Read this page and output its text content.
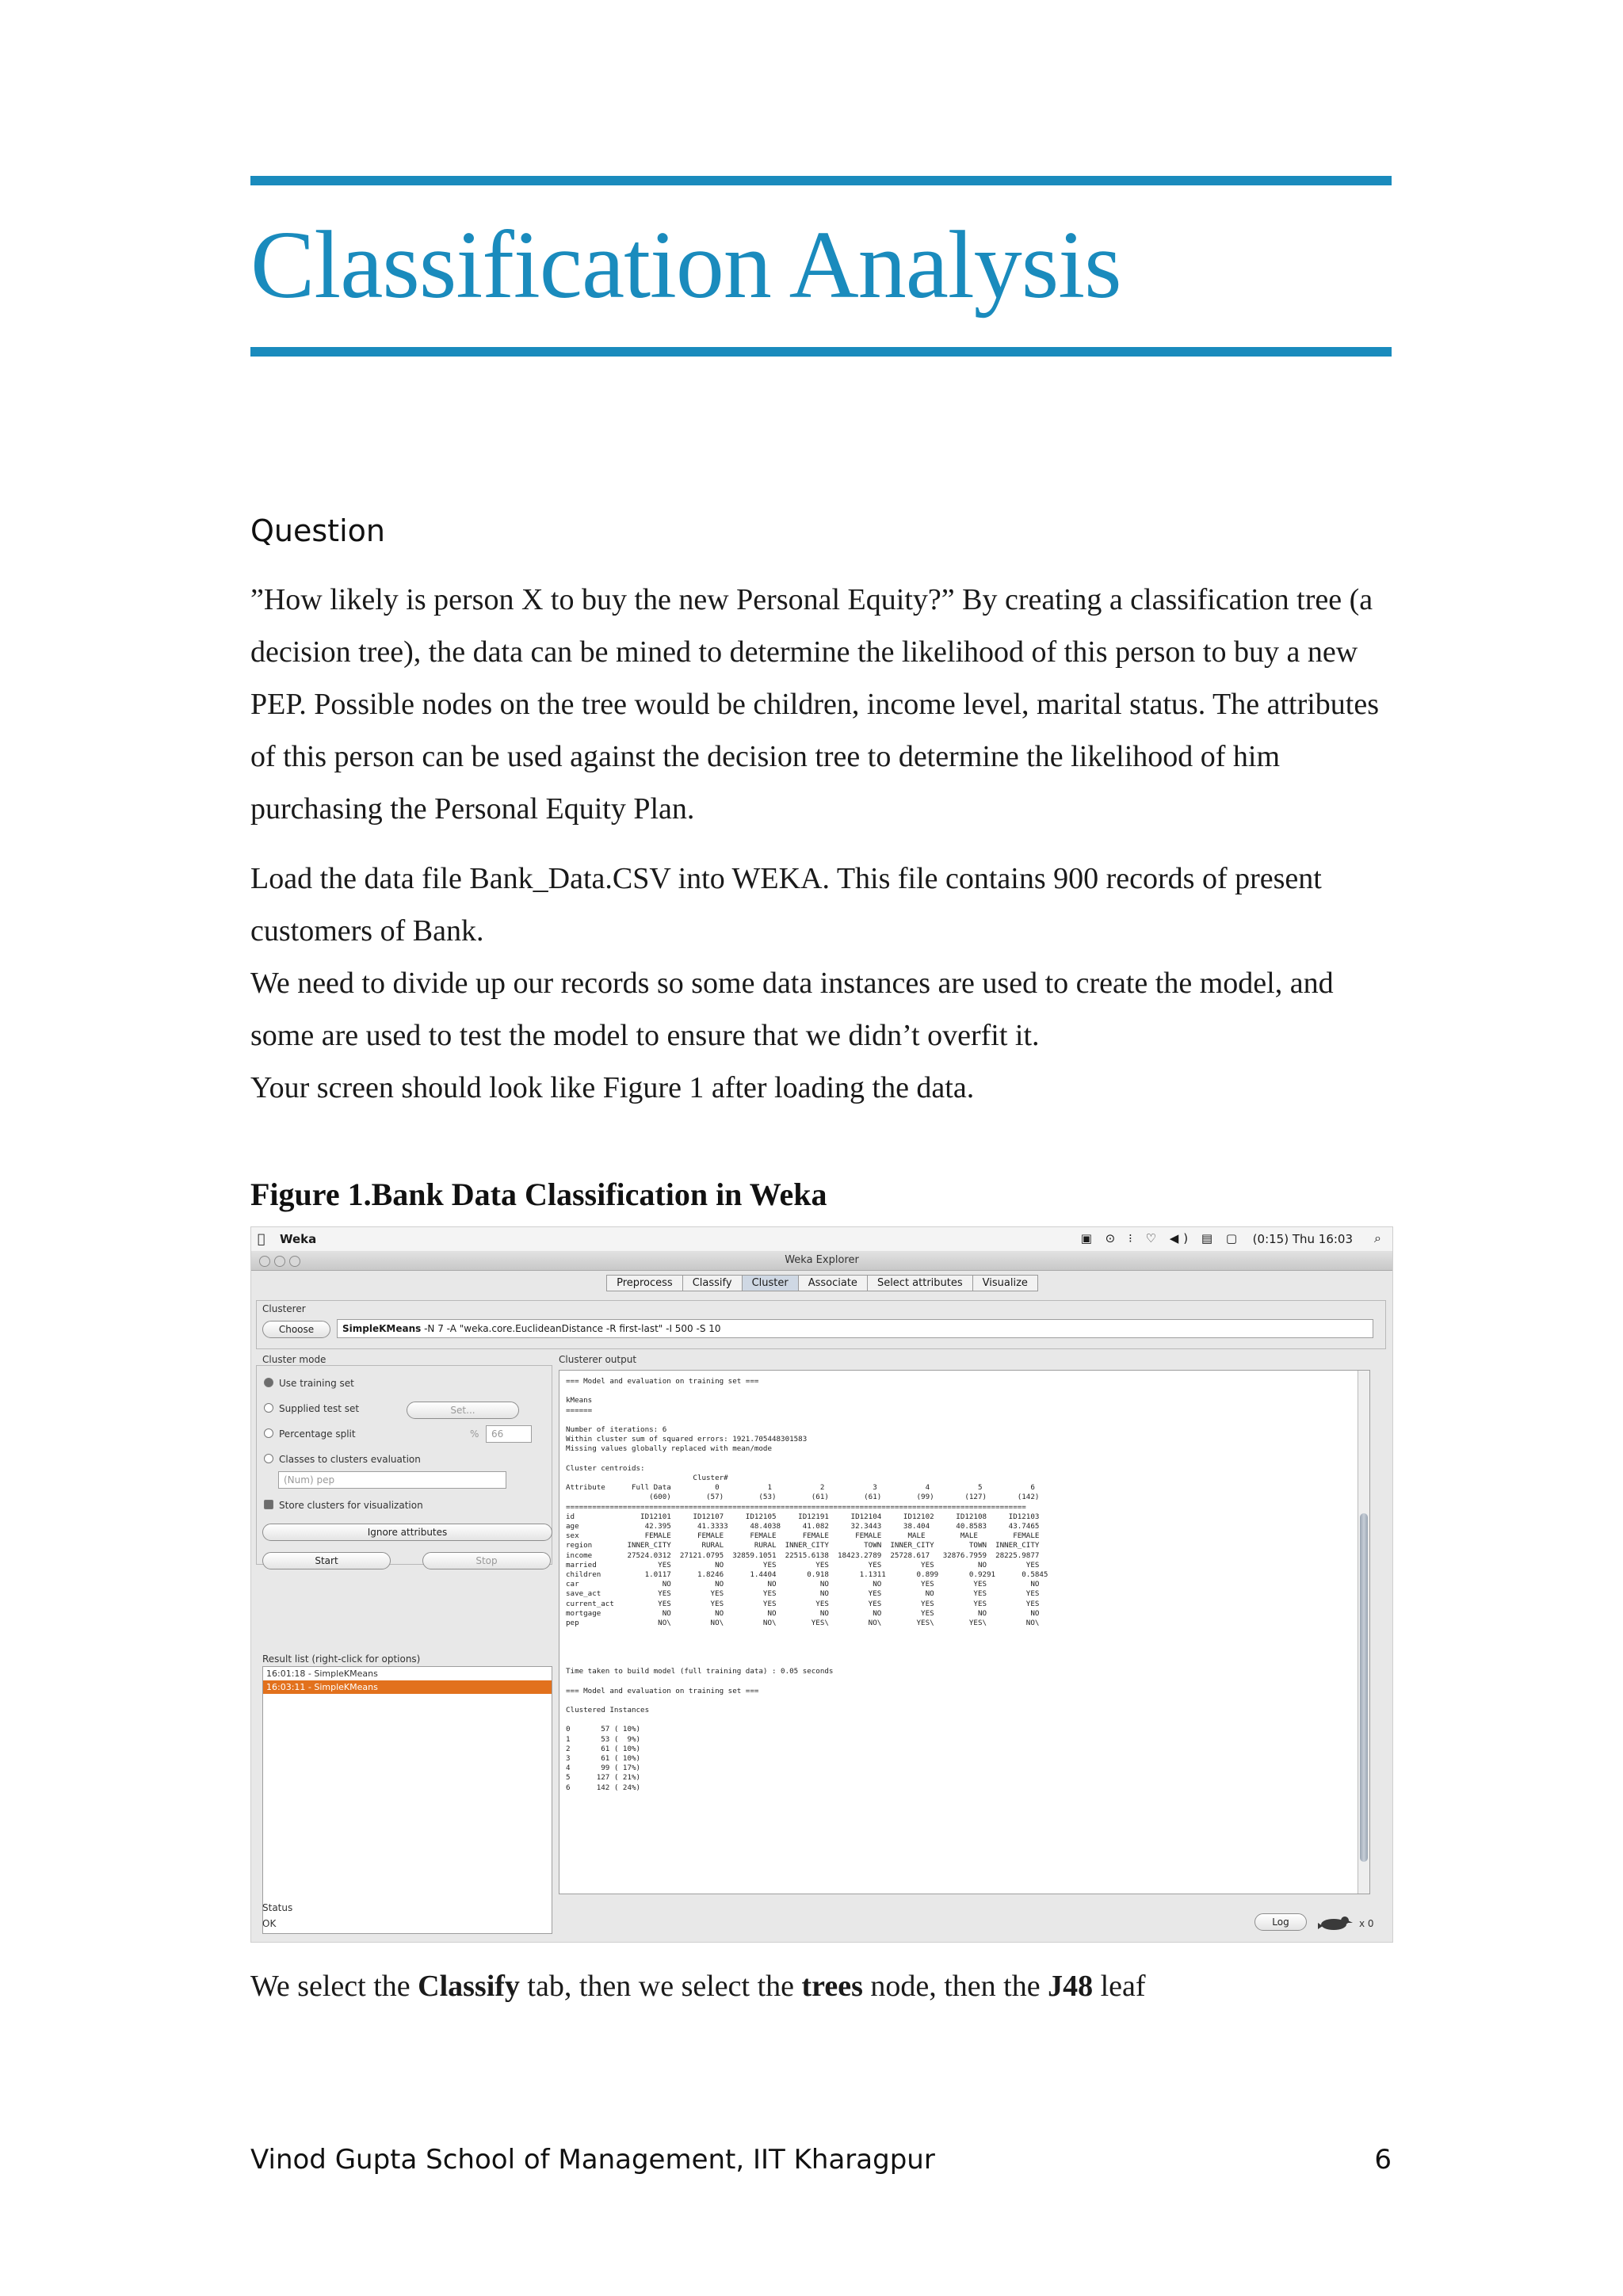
Classification Analysis
Question
”How likely is person X to buy the new Personal Equity?” By creating a classification tree (a decision tree), the data can be mined to determine the likelihood of this person to buy a new PEP. Possible nodes on the tree would be children, income level, marital status. The attributes of this person can be used against the decision tree to determine the likelihood of him purchasing the Personal Equity Plan.
Load the data file Bank_Data.CSV into WEKA. This file contains 900 records of present customers of Bank.
We need to divide up our records so some data instances are used to create the model, and some are used to test the model to ensure that we didn’t overfit it.
Your screen should look like Figure 1 after loading the data.
Figure 1.Bank Data Classification in Weka
Weka	▣ ⊙ ⁝ ♡ ◀) ▤ ▢ (0:15) Thu 16:03 ⌕
Weka Explorer
Preprocess Classify Cluster Associate Select attributes Visualize
Clusterer
Choose	SimpleKMeans -N 7 -A "weka.core.EuclideanDistance -R first-last" -I 500 -S 10
Cluster mode
Use training set
Supplied test set	Set...
Percentage split	%	66
Classes to clusters evaluation
(Num) pep
Store clusters for visualization
Ignore attributes
Start	Stop
Result list (right-click for options)
16:01:18 - SimpleKMeans
16:03:11 - SimpleKMeans
Clusterer output
=== Model and evaluation on training set ===

kMeans
======

Number of iterations: 6
Within cluster sum of squared errors: 1921.705448301583
Missing values globally replaced with mean/mode

Cluster centroids:
Cluster#
Attribute      Full Data          0           1           2           3           4           5           6
(600)        (57)        (53)        (61)        (61)        (99)       (127)       (142)
=========================================================================================================
id               ID12101     ID12107     ID12105     ID12191     ID12104     ID12102     ID12108     ID12103
age               42.395      41.3333     48.4038     41.082     32.3443     38.404      40.8583     43.7465
sex               FEMALE      FEMALE      FEMALE      FEMALE      FEMALE      MALE        MALE        FEMALE
region        INNER_CITY       RURAL       RURAL  INNER_CITY        TOWN  INNER_CITY        TOWN  INNER_CITY
income        27524.0312  27121.0795  32859.1051  22515.6138  18423.2789  25728.617   32876.7959  28225.9877
married              YES          NO         YES         YES         YES         YES          NO         YES
children          1.0117      1.8246      1.4404       0.918       1.1311       0.899       0.9291      0.5845
car                   NO          NO          NO          NO          NO         YES         YES          NO
save_act             YES         YES         YES          NO         YES          NO         YES         YES
current_act          YES         YES         YES         YES         YES         YES         YES         YES
mortgage              NO          NO          NO          NO          NO         YES          NO          NO
pep                  NO\         NO\         NO\        YES\         NO\        YES\        YES\         NO\

Time taken to build model (full training data) : 0.05 seconds

=== Model and evaluation on training set ===

Clustered Instances

0       57 ( 10%)
1       53 (  9%)
2       61 ( 10%)
3       61 ( 10%)
4       99 ( 17%)
5      127 ( 21%)
6      142 ( 24%)
Status
OK	Log	x 0
We select the Classify tab, then we select the trees node, then the J48 leaf
Vinod Gupta School of Management, IIT Kharagpur	6
